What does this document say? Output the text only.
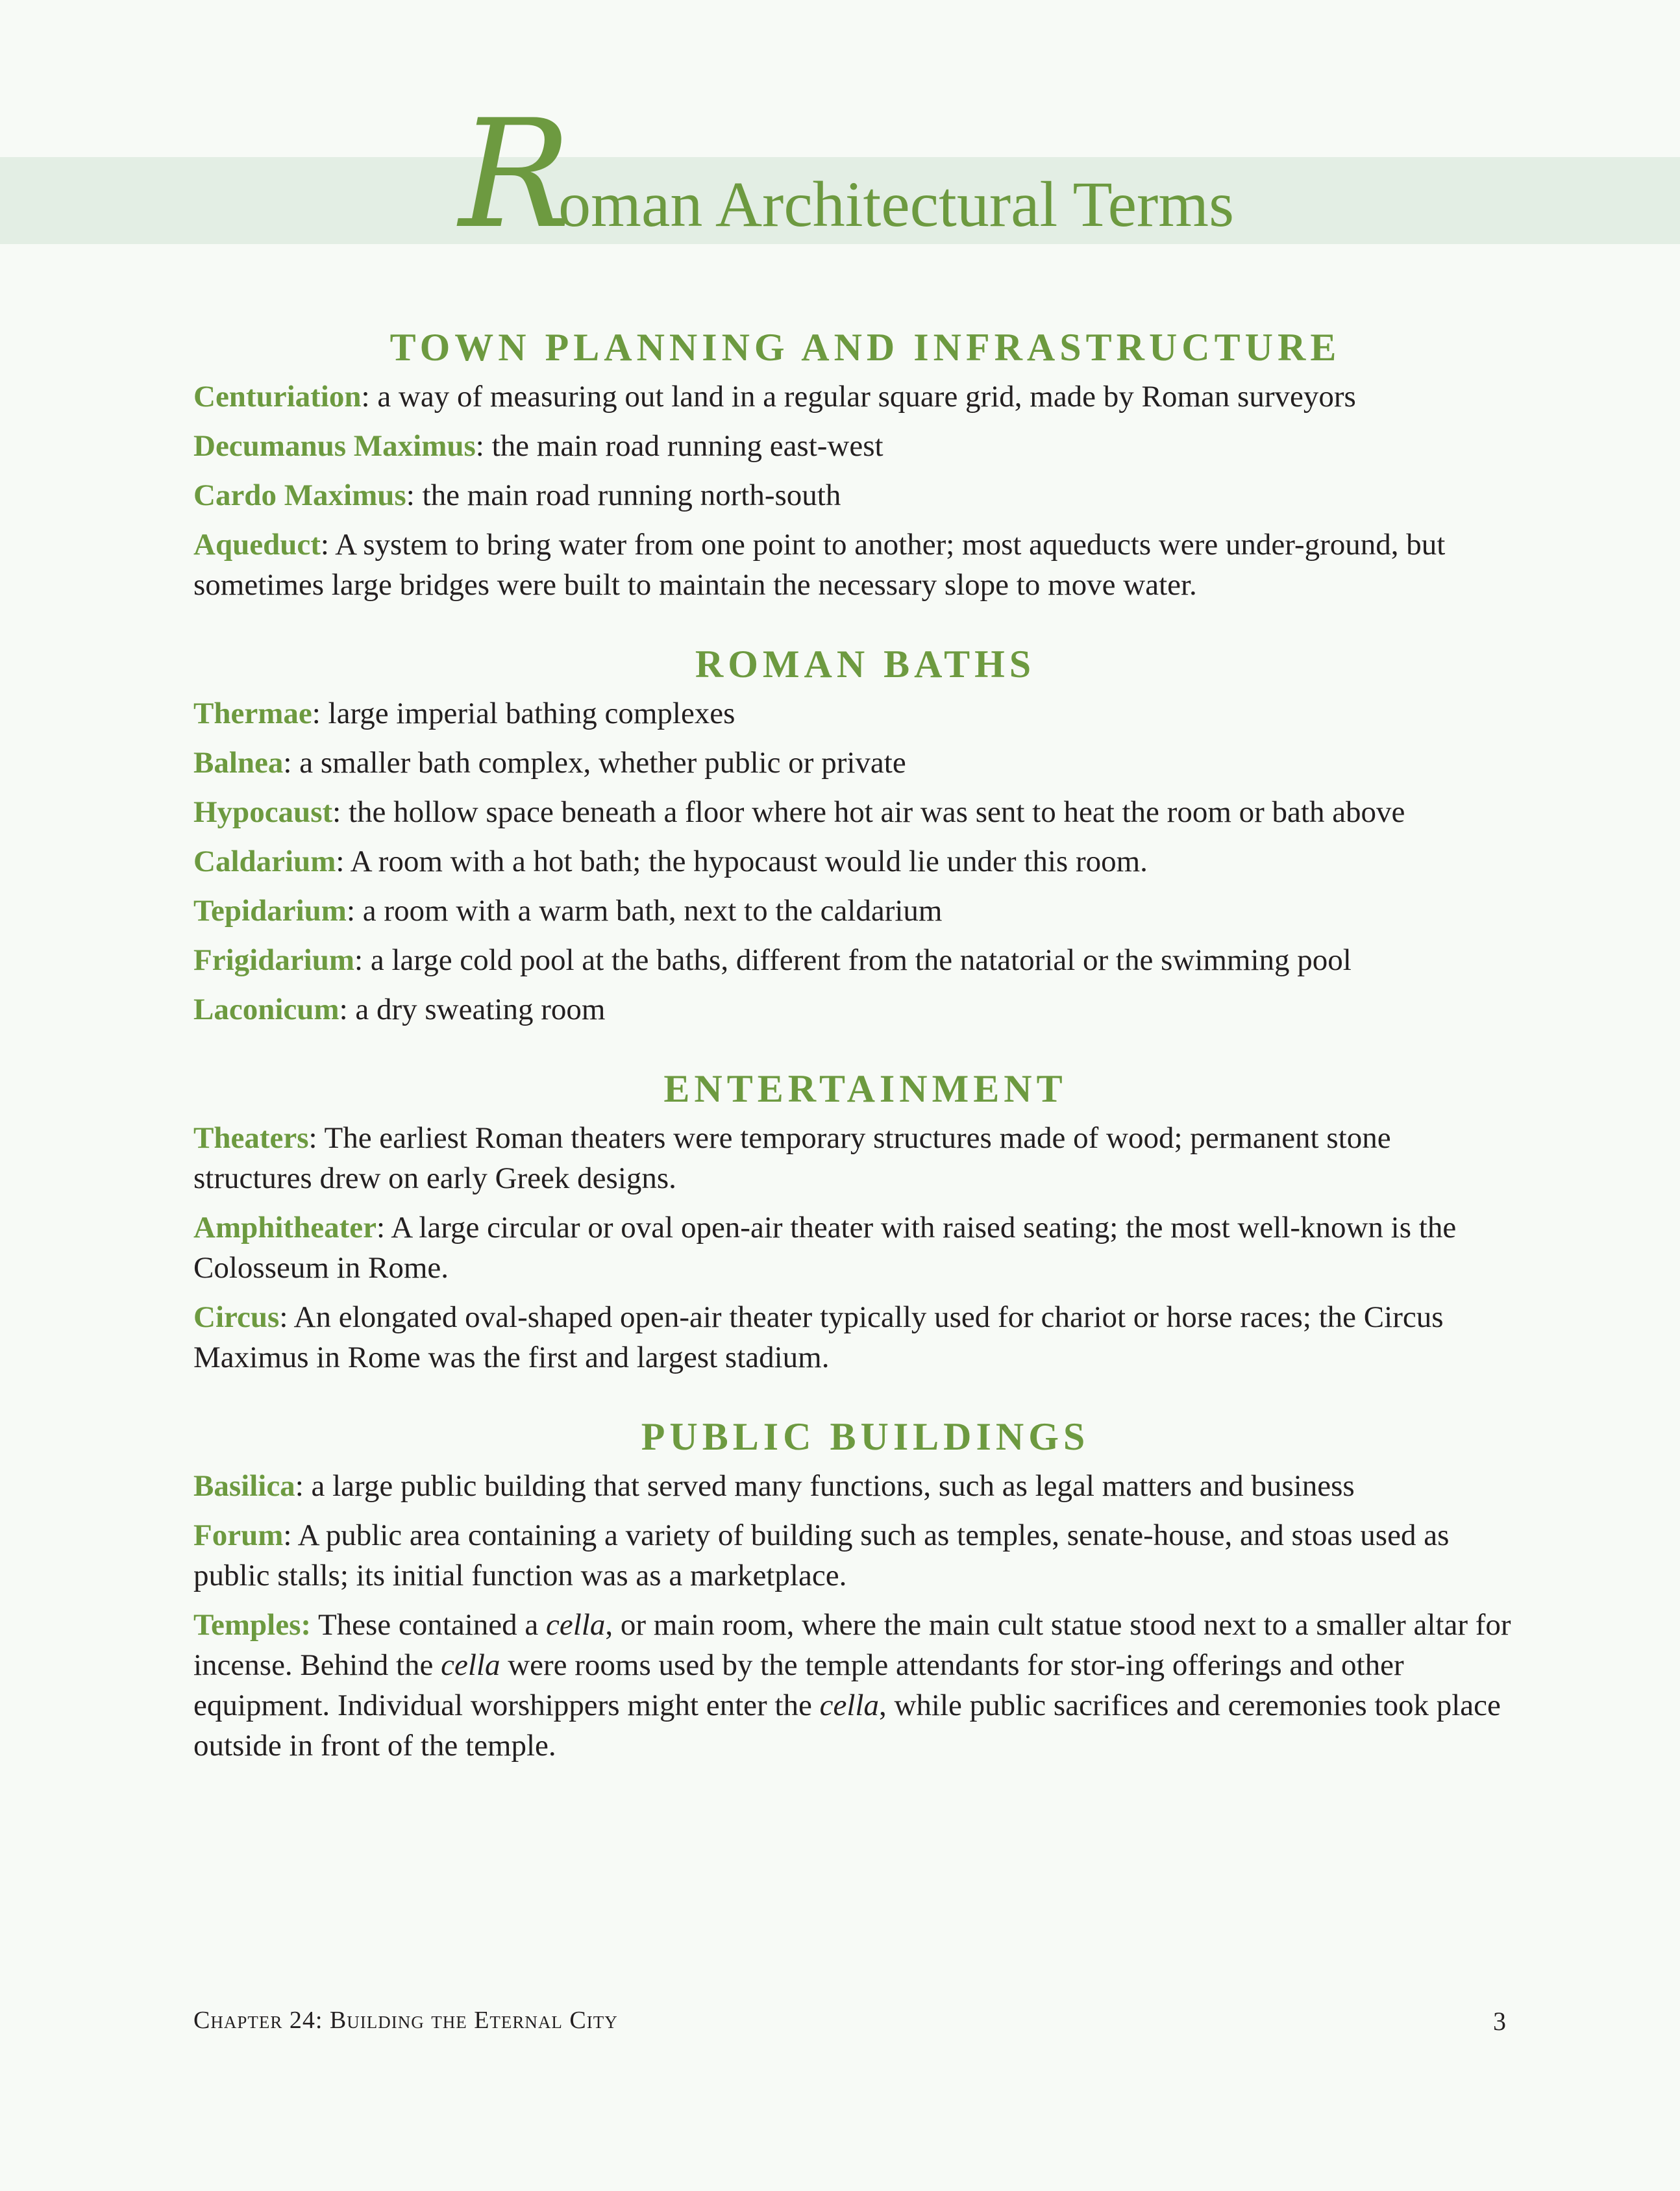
Roman Architectural Terms
TOWN PLANNING AND INFRASTRUCTURE

Centuriation: a way of measuring out land in a regular square grid, made by Roman surveyors

Decumanus Maximus: the main road running east-west

Cardo Maximus: the main road running north-south

Aqueduct: A system to bring water from one point to another; most aqueducts were under-ground, but sometimes large bridges were built to maintain the necessary slope to move water.

ROMAN BATHS

Thermae: large imperial bathing complexes

Balnea: a smaller bath complex, whether public or private

Hypocaust: the hollow space beneath a floor where hot air was sent to heat the room or bath above

Caldarium: A room with a hot bath; the hypocaust would lie under this room.

Tepidarium: a room with a warm bath, next to the caldarium

Frigidarium: a large cold pool at the baths, different from the natatorial or the swimming pool

Laconicum: a dry sweating room

ENTERTAINMENT

Theaters: The earliest Roman theaters were temporary structures made of wood; permanent stone structures drew on early Greek designs.

Amphitheater: A large circular or oval open-air theater with raised seating; the most well-known is the Colosseum in Rome.

Circus: An elongated oval-shaped open-air theater typically used for chariot or horse races; the Circus Maximus in Rome was the first and largest stadium.

PUBLIC BUILDINGS

Basilica: a large public building that served many functions, such as legal matters and business

Forum: A public area containing a variety of building such as temples, senate-house, and stoas used as public stalls; its initial function was as a marketplace.

Temples: These contained a cella, or main room, where the main cult statue stood next to a smaller altar for incense. Behind the cella were rooms used by the temple attendants for stor-ing offerings and other equipment. Individual worshippers might enter the cella, while public sacrifices and ceremonies took place outside in front of the temple.

Chapter 24: Building the Eternal City	3
